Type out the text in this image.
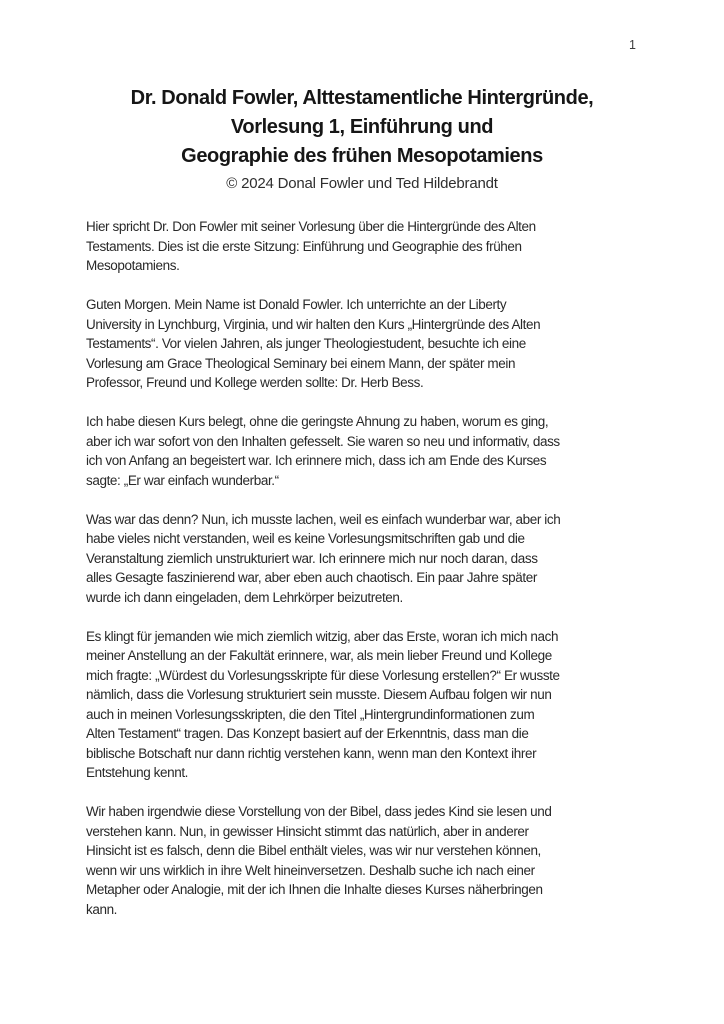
1
Dr. Donald Fowler, Alttestamentliche Hintergründe,
Vorlesung 1, Einführung und
Geographie des frühen Mesopotamiens
© 2024 Donal Fowler und Ted Hildebrandt

Hier spricht Dr. Don Fowler mit seiner Vorlesung über die Hintergründe des Alten
Testaments. Dies ist die erste Sitzung: Einführung und Geographie des frühen
Mesopotamiens.

Guten Morgen. Mein Name ist Donald Fowler. Ich unterrichte an der Liberty
University in Lynchburg, Virginia, und wir halten den Kurs „Hintergründe des Alten
Testaments“. Vor vielen Jahren, als junger Theologiestudent, besuchte ich eine
Vorlesung am Grace Theological Seminary bei einem Mann, der später mein
Professor, Freund und Kollege werden sollte: Dr. Herb Bess.

Ich habe diesen Kurs belegt, ohne die geringste Ahnung zu haben, worum es ging,
aber ich war sofort von den Inhalten gefesselt. Sie waren so neu und informativ, dass
ich von Anfang an begeistert war. Ich erinnere mich, dass ich am Ende des Kurses
sagte: „Er war einfach wunderbar.“

Was war das denn? Nun, ich musste lachen, weil es einfach wunderbar war, aber ich
habe vieles nicht verstanden, weil es keine Vorlesungsmitschriften gab und die
Veranstaltung ziemlich unstrukturiert war. Ich erinnere mich nur noch daran, dass
alles Gesagte faszinierend war, aber eben auch chaotisch. Ein paar Jahre später
wurde ich dann eingeladen, dem Lehrkörper beizutreten.

Es klingt für jemanden wie mich ziemlich witzig, aber das Erste, woran ich mich nach
meiner Anstellung an der Fakultät erinnere, war, als mein lieber Freund und Kollege
mich fragte: „Würdest du Vorlesungsskripte für diese Vorlesung erstellen?“ Er wusste
nämlich, dass die Vorlesung strukturiert sein musste. Diesem Aufbau folgen wir nun
auch in meinen Vorlesungsskripten, die den Titel „Hintergrundinformationen zum
Alten Testament“ tragen. Das Konzept basiert auf der Erkenntnis, dass man die
biblische Botschaft nur dann richtig verstehen kann, wenn man den Kontext ihrer
Entstehung kennt.

Wir haben irgendwie diese Vorstellung von der Bibel, dass jedes Kind sie lesen und
verstehen kann. Nun, in gewisser Hinsicht stimmt das natürlich, aber in anderer
Hinsicht ist es falsch, denn die Bibel enthält vieles, was wir nur verstehen können,
wenn wir uns wirklich in ihre Welt hineinversetzen. Deshalb suche ich nach einer
Metapher oder Analogie, mit der ich Ihnen die Inhalte dieses Kurses näherbringen
kann.
